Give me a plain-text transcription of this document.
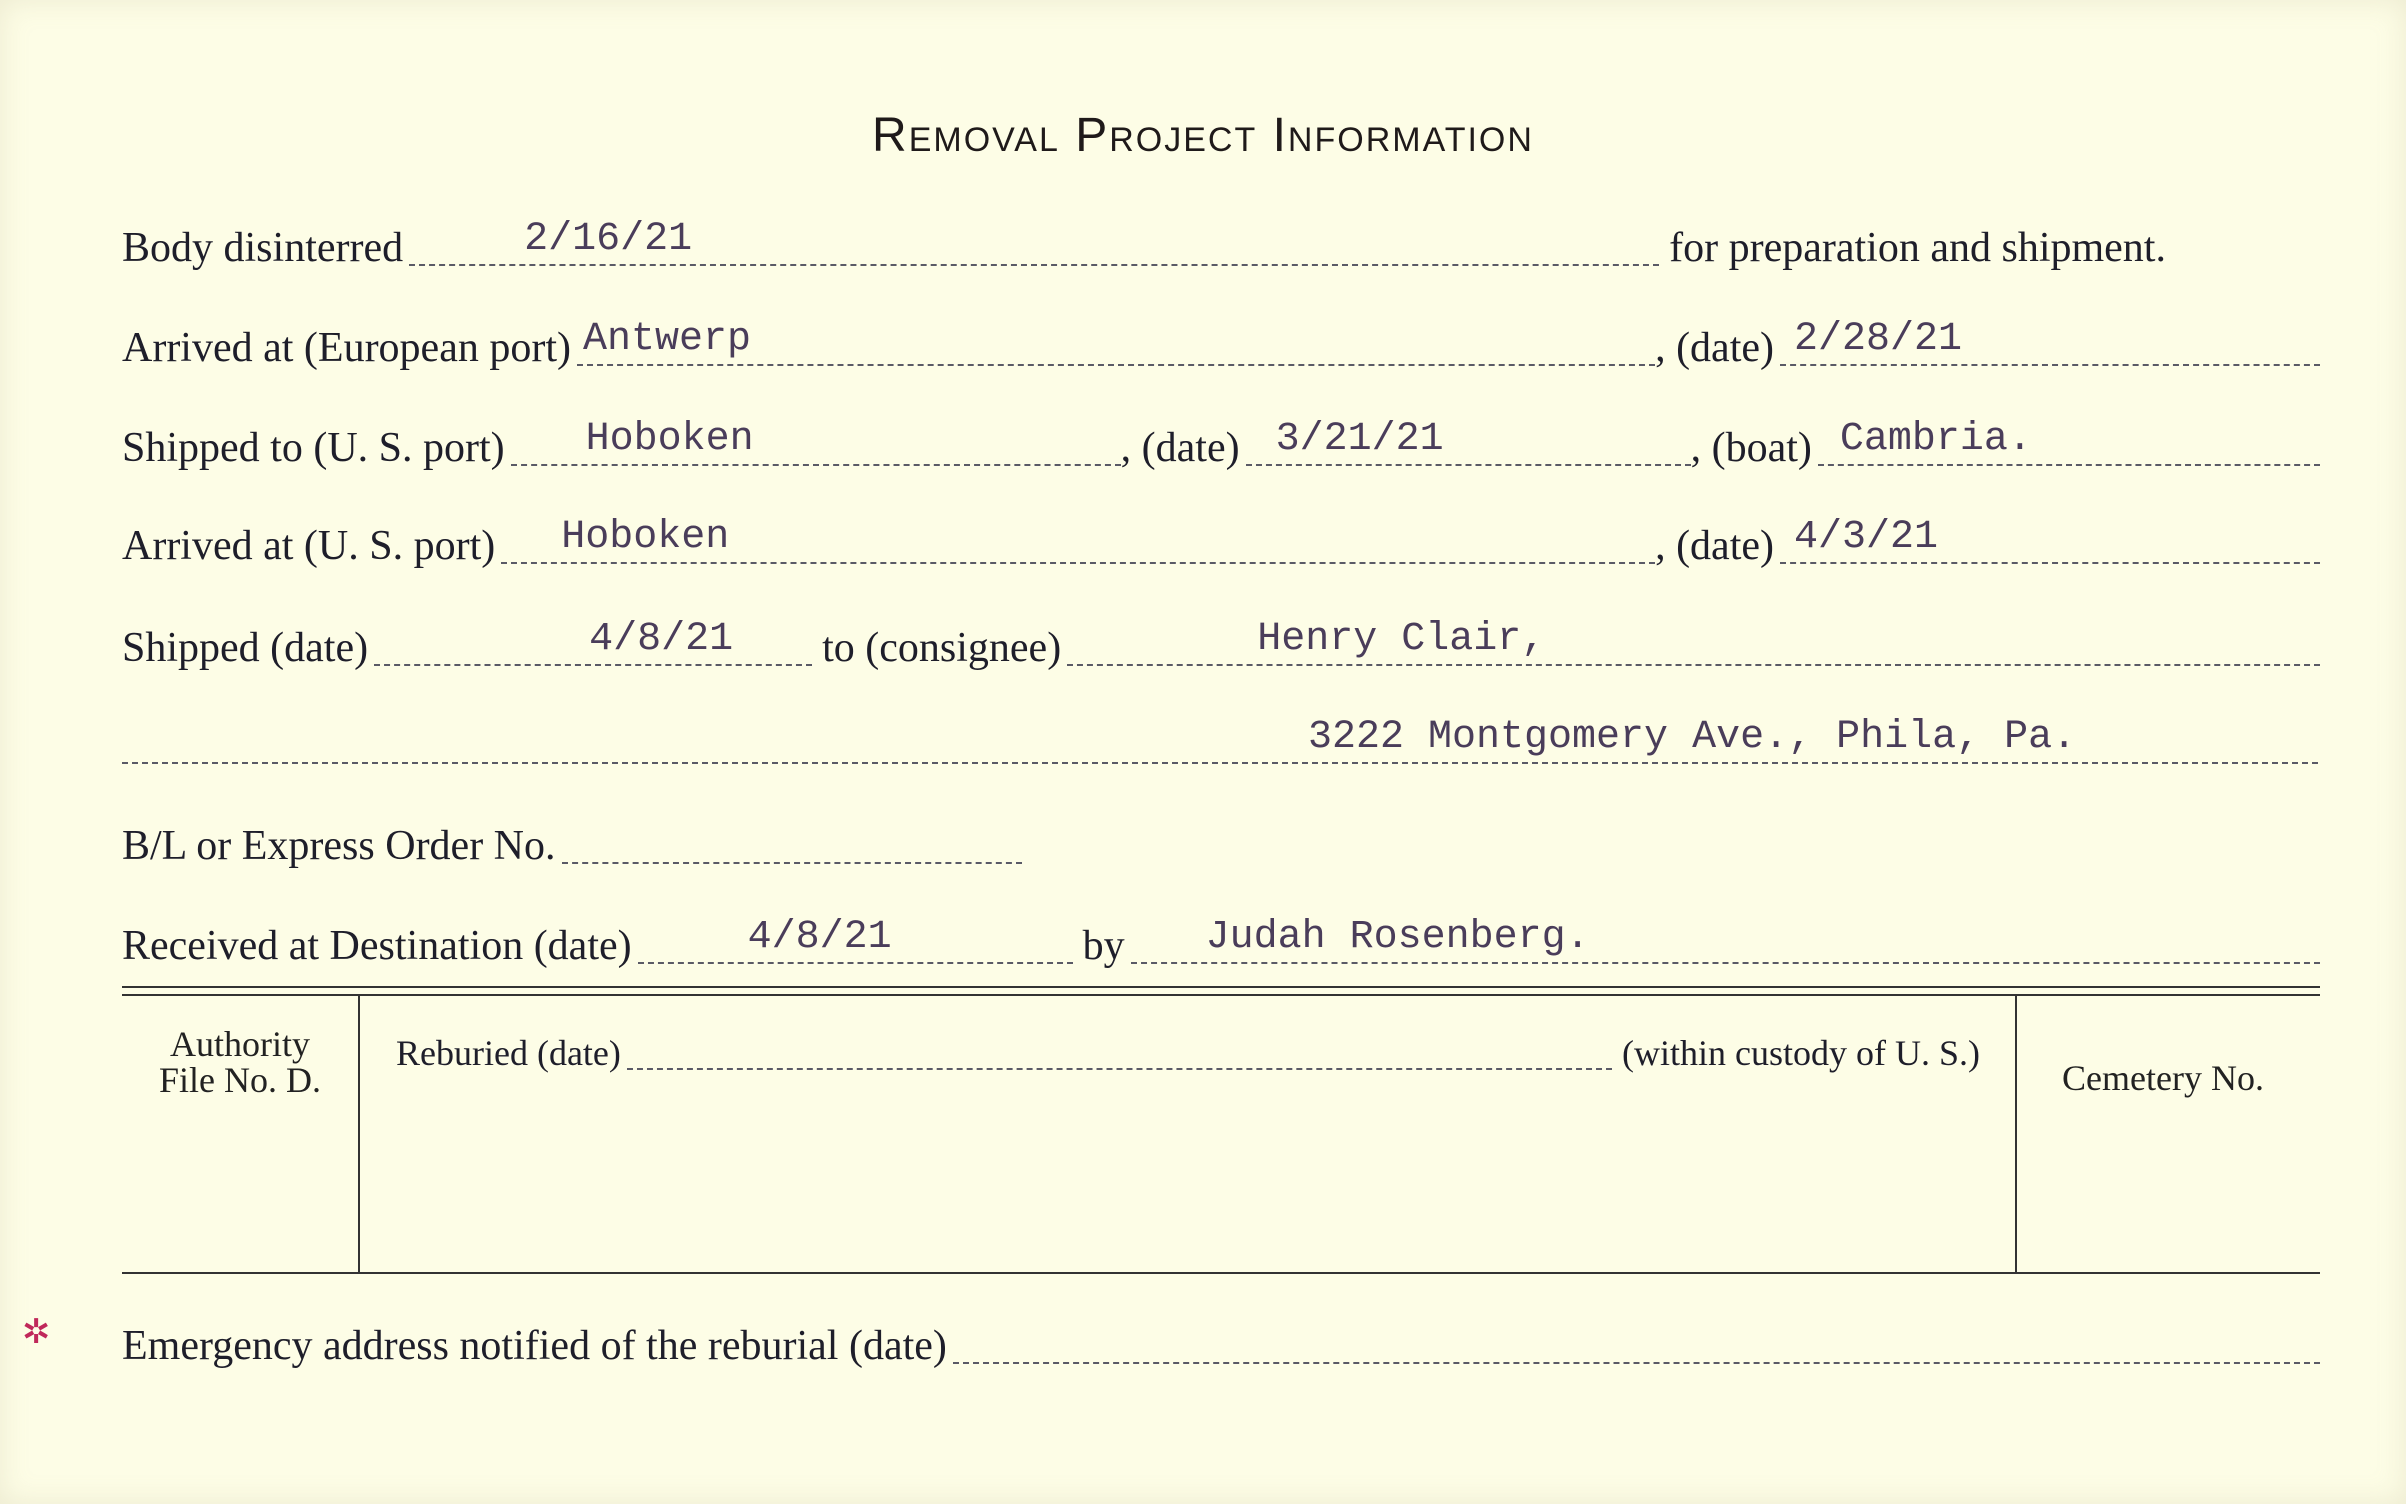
Removal Project Information
Body disinterred	2/16/21	for preparation and shipment.
Arrived at (European port) Antwerp	, (date) 2/28/21
Shipped to (U. S. port) Hoboken	, (date) 3/21/21	, (boat) Cambria.
Arrived at (U. S. port) Hoboken	, (date) 4/3/21
Shipped (date)	4/8/21 to (consignee)	Henry Clair,
3222 Montgomery Ave., Phila, Pa.
B/L or Express Order No.
Received at Destination (date)	4/8/21	by Judah Rosenberg.
Authority
File No. D.
Reburied (date)	(within custody of U. S.)
Cemetery No.
✲ Emergency address notified of the reburial (date)
